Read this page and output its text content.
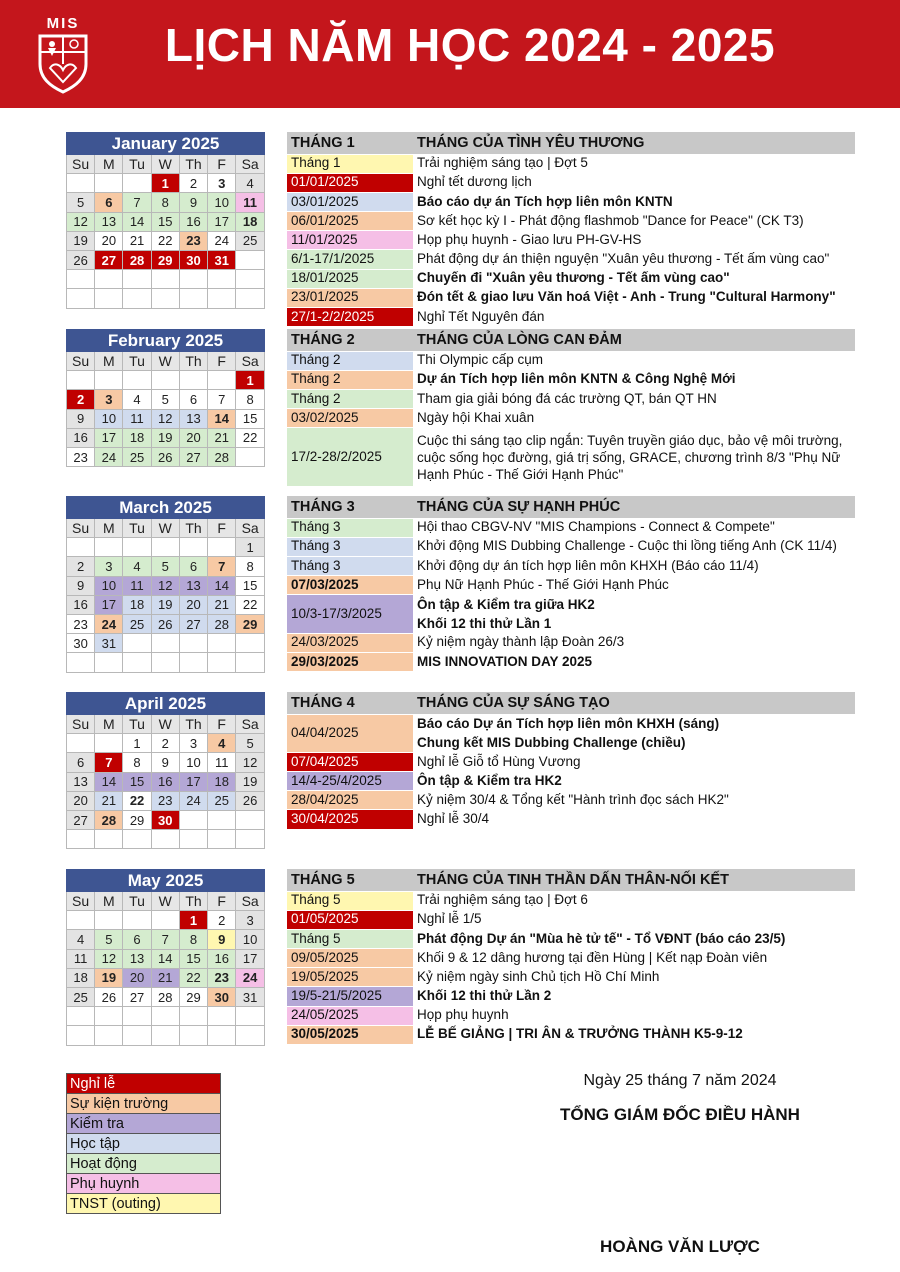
MIS	LỊCH NĂM HỌC 2024 - 2025
January 2025						
Su	M	Tu	W	Th	F	Sa
			1	2	3	4
5	6	7	8	9	10	11
12	13	14	15	16	17	18
19	20	21	22	23	24	25
26	27	28	29	30	31	

February 2025						
Su	M	Tu	W	Th	F	Sa
						1
2	3	4	5	6	7	8
9	10	11	12	13	14	15
16	17	18	19	20	21	22
23	24	25	26	27	28	
March 2025						
Su	M	Tu	W	Th	F	Sa
						1
2	3	4	5	6	7	8
9	10	11	12	13	14	15
16	17	18	19	20	21	22
23	24	25	26	27	28	29
30	31					

April 2025						
Su	M	Tu	W	Th	F	Sa
		1	2	3	4	5
6	7	8	9	10	11	12
13	14	15	16	17	18	19
20	21	22	23	24	25	26
27	28	29	30			

May 2025						
Su	M	Tu	W	Th	F	Sa
				1	2	3
4	5	6	7	8	9	10
11	12	13	14	15	16	17
18	19	20	21	22	23	24
25	26	27	28	29	30	31

THÁNG 1	THÁNG CỦA TÌNH YÊU THƯƠNG
Tháng 1	Trải nghiệm sáng tạo | Đợt 5
01/01/2025	Nghỉ tết dương lịch
03/01/2025	Báo cáo dự án Tích hợp liên môn KNTN
06/01/2025	Sơ kết học kỳ I - Phát động flashmob "Dance for Peace" (CK T3)
11/01/2025	Họp phụ huynh - Giao lưu PH-GV-HS
6/1-17/1/2025	Phát động dự án thiện nguyện "Xuân yêu thương - Tết ấm vùng cao"
18/01/2025	Chuyến đi "Xuân yêu thương - Tết ấm vùng cao"
23/01/2025	Đón tết & giao lưu Văn hoá Việt - Anh - Trung "Cultural Harmony"
27/1-2/2/2025	Nghỉ Tết Nguyên đán
THÁNG 2	THÁNG CỦA LÒNG CAN ĐẢM
Tháng 2	Thi Olympic cấp cụm
Tháng 2	Dự án Tích hợp liên môn KNTN & Công Nghệ Mới
Tháng 2	Tham gia giải bóng đá các trường QT, bán QT HN
03/02/2025	Ngày hội Khai xuân
17/2-28/2/2025	Cuộc thi sáng tạo clip ngắn: Tuyên truyền giáo dục, bảo vệ môi trường, cuộc sống học đường, giá trị sống, GRACE, chương trình 8/3 "Phụ Nữ Hạnh Phúc - Thế Giới Hạnh Phúc"
THÁNG 3	THÁNG CỦA SỰ HẠNH PHÚC
Tháng 3	Hội thao CBGV-NV "MIS Champions - Connect & Compete"
Tháng 3	Khởi động MIS Dubbing Challenge - Cuộc thi lồng tiếng Anh (CK 11/4)
Tháng 3	Khởi động dự án tích hợp liên môn KHXH (Báo cáo 11/4)
07/03/2025	Phụ Nữ Hạnh Phúc - Thế Giới Hạnh Phúc
10/3-17/3/2025	Ôn tập & Kiểm tra giữa HK2
Khối 12 thi thử Lần 1

24/03/2025	Kỷ niệm ngày thành lập Đoàn 26/3
29/03/2025	MIS INNOVATION DAY 2025
THÁNG 4	THÁNG CỦA SỰ SÁNG TẠO
04/04/2025	Báo cáo Dự án Tích hợp liên môn KHXH (sáng)
Chung kết MIS Dubbing Challenge (chiều)

07/04/2025	Nghỉ lễ Giỗ tổ Hùng Vương
14/4-25/4/2025	Ôn tập & Kiểm tra HK2
28/04/2025	Kỷ niệm 30/4 & Tổng kết "Hành trình đọc sách HK2"
30/04/2025	Nghỉ lễ 30/4
THÁNG 5	THÁNG CỦA TINH THẦN DẤN THÂN-NỐI KẾT
Tháng 5	Trải nghiệm sáng tạo | Đợt 6
01/05/2025	Nghỉ lễ 1/5
Tháng 5	Phát động Dự án "Mùa hè tử tế" - Tổ VĐNT (báo cáo 23/5)
09/05/2025	Khối 9 & 12 dâng hương tại đền Hùng | Kết nạp Đoàn viên
19/05/2025	Kỷ niệm ngày sinh Chủ tịch Hồ Chí Minh
19/5-21/5/2025	Khối 12 thi thử Lần 2
24/05/2025	Họp phụ huynh
30/05/2025	LỄ BẾ GIẢNG | TRI ÂN & TRƯỞNG THÀNH K5-9-12
Nghỉ lễ
Sự kiện trường
Kiểm tra
Học tập
Hoạt động
Phụ huynh
TNST (outing)
Ngày 25 tháng 7 năm 2024
TỔNG GIÁM ĐỐC ĐIỀU HÀNH
HOÀNG VĂN LƯỢC
